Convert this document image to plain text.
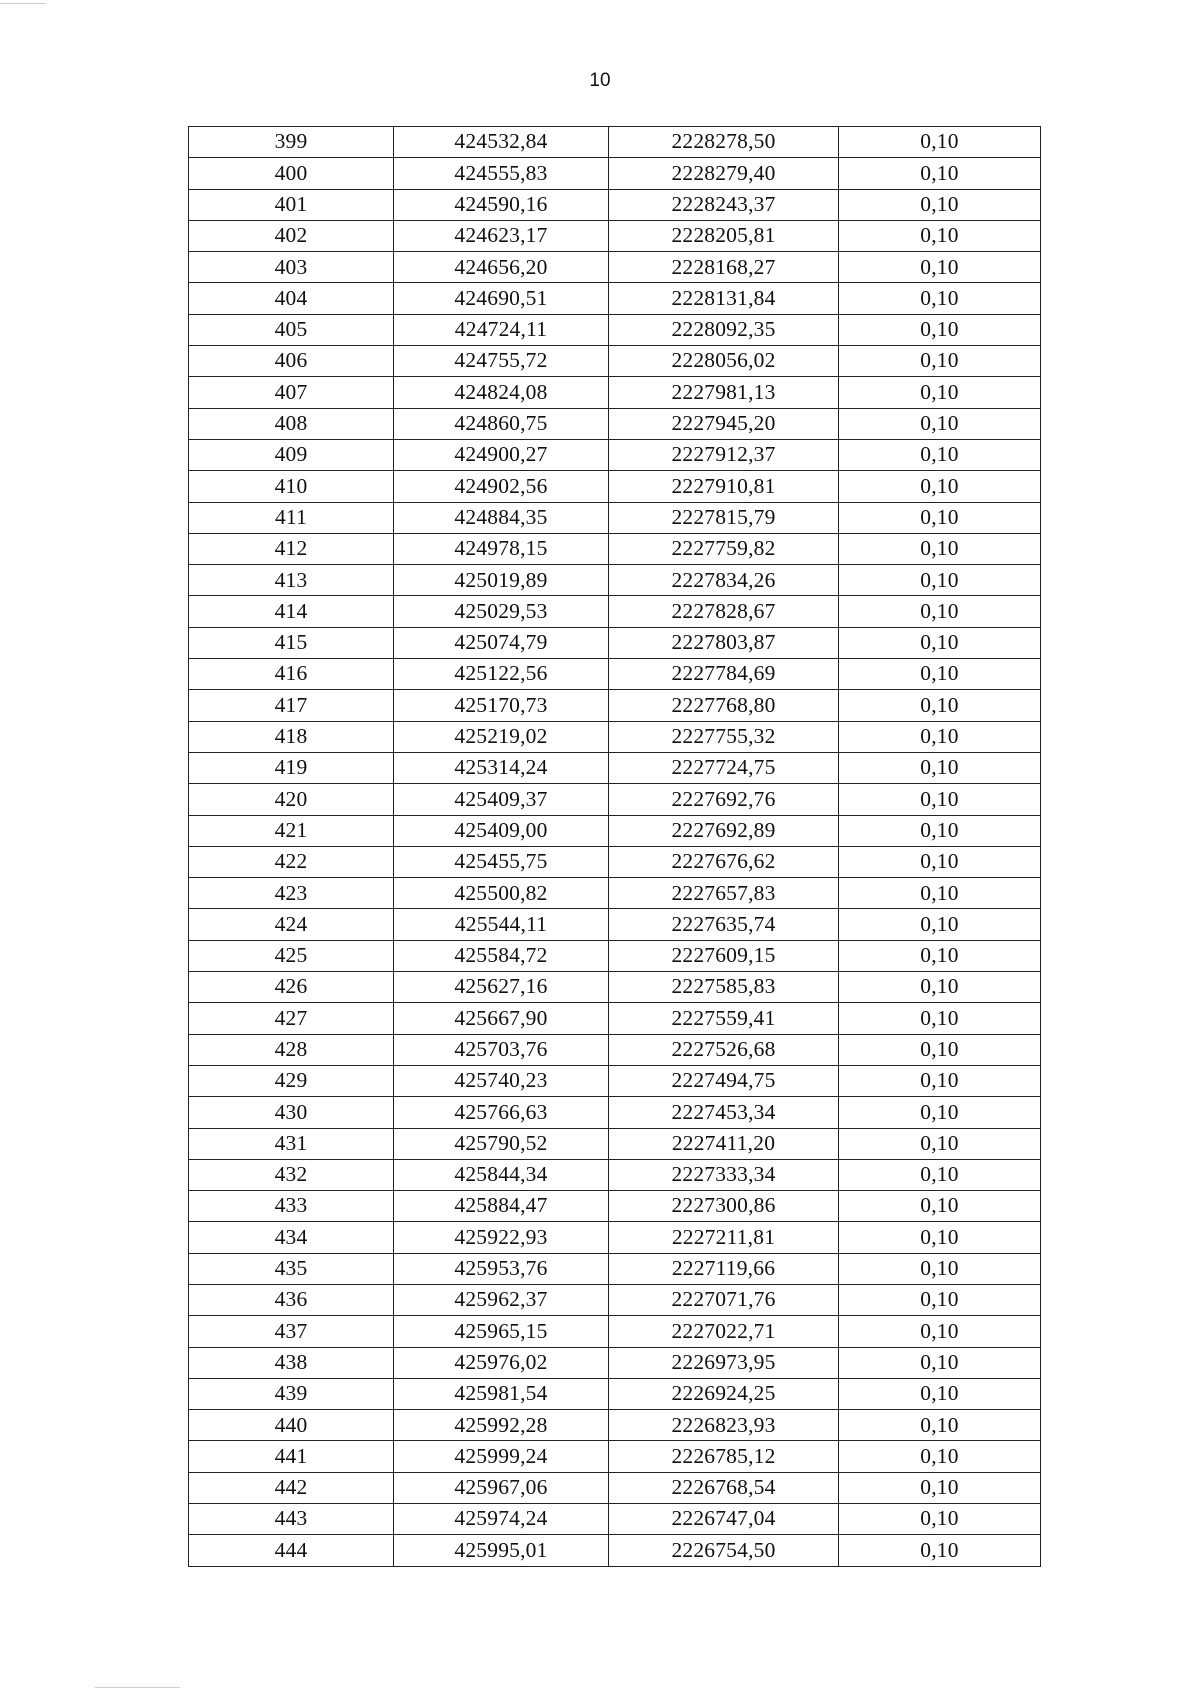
10
399	424532,84	2228278,50	0,10
400	424555,83	2228279,40	0,10
401	424590,16	2228243,37	0,10
402	424623,17	2228205,81	0,10
403	424656,20	2228168,27	0,10
404	424690,51	2228131,84	0,10
405	424724,11	2228092,35	0,10
406	424755,72	2228056,02	0,10
407	424824,08	2227981,13	0,10
408	424860,75	2227945,20	0,10
409	424900,27	2227912,37	0,10
410	424902,56	2227910,81	0,10
411	424884,35	2227815,79	0,10
412	424978,15	2227759,82	0,10
413	425019,89	2227834,26	0,10
414	425029,53	2227828,67	0,10
415	425074,79	2227803,87	0,10
416	425122,56	2227784,69	0,10
417	425170,73	2227768,80	0,10
418	425219,02	2227755,32	0,10
419	425314,24	2227724,75	0,10
420	425409,37	2227692,76	0,10
421	425409,00	2227692,89	0,10
422	425455,75	2227676,62	0,10
423	425500,82	2227657,83	0,10
424	425544,11	2227635,74	0,10
425	425584,72	2227609,15	0,10
426	425627,16	2227585,83	0,10
427	425667,90	2227559,41	0,10
428	425703,76	2227526,68	0,10
429	425740,23	2227494,75	0,10
430	425766,63	2227453,34	0,10
431	425790,52	2227411,20	0,10
432	425844,34	2227333,34	0,10
433	425884,47	2227300,86	0,10
434	425922,93	2227211,81	0,10
435	425953,76	2227119,66	0,10
436	425962,37	2227071,76	0,10
437	425965,15	2227022,71	0,10
438	425976,02	2226973,95	0,10
439	425981,54	2226924,25	0,10
440	425992,28	2226823,93	0,10
441	425999,24	2226785,12	0,10
442	425967,06	2226768,54	0,10
443	425974,24	2226747,04	0,10
444	425995,01	2226754,50	0,10
